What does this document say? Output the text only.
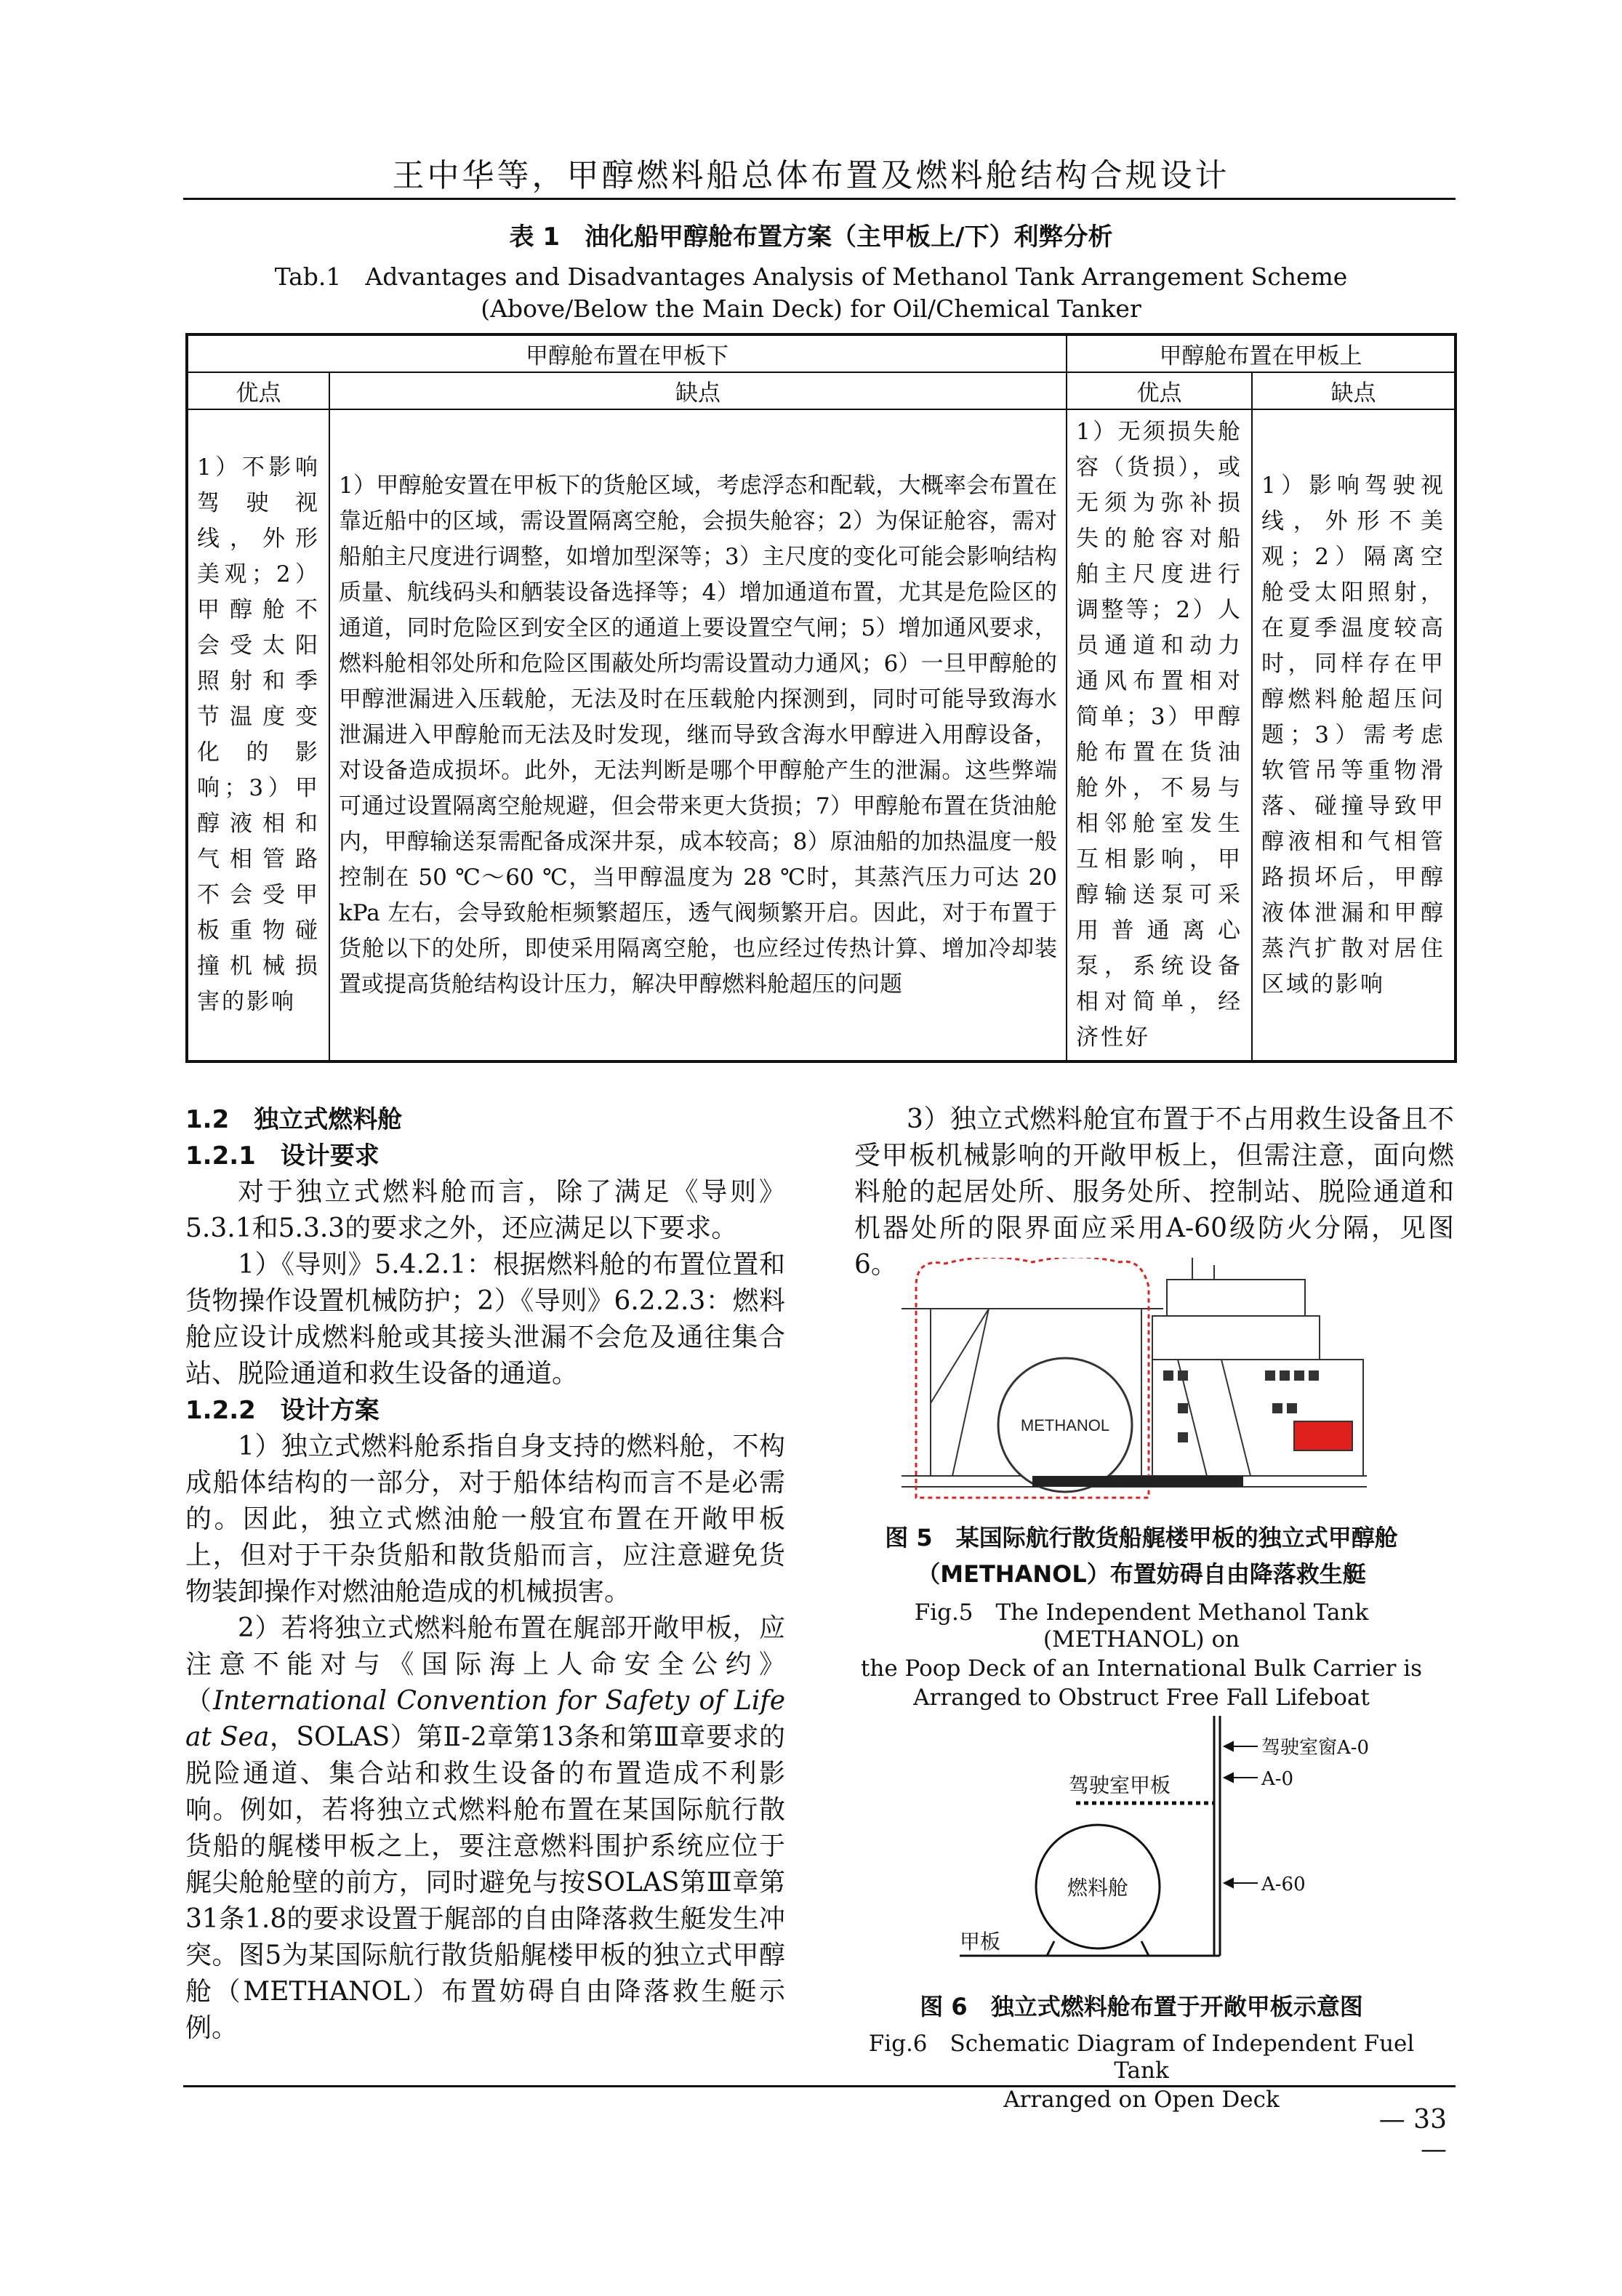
王中华等，甲醇燃料船总体布置及燃料舱结构合规设计
表 1　油化船甲醇舱布置方案（主甲板上/下）利弊分析
Tab.1　Advantages and Disadvantages Analysis of Methanol Tank Arrangement Scheme
(Above/Below the Main Deck) for Oil/Chemical Tanker
甲醇舱布置在甲板下		甲醇舱布置在甲板上	
优点	缺点	优点	缺点
1）不影响驾驶视线，外形美观；2）甲醇舱不会受太阳照射和季节温度变化的影响；3）甲醇液相和气相管路不会受甲板重物碰撞机械损害的影响	1）甲醇舱安置在甲板下的货舱区域，考虑浮态和配载，大概率会布置在靠近船中的区域，需设置隔离空舱，会损失舱容；2）为保证舱容，需对船舶主尺度进行调整，如增加型深等；3）主尺度的变化可能会影响结构质量、航线码头和舾装设备选择等；4）增加通道布置，尤其是危险区的通道，同时危险区到安全区的通道上要设置空气闸；5）增加通风要求，燃料舱相邻处所和危险区围蔽处所均需设置动力通风；6）一旦甲醇舱的甲醇泄漏进入压载舱，无法及时在压载舱内探测到，同时可能导致海水泄漏进入甲醇舱而无法及时发现，继而导致含海水甲醇进入用醇设备，对设备造成损坏。此外，无法判断是哪个甲醇舱产生的泄漏。这些弊端可通过设置隔离空舱规避，但会带来更大货损；7）甲醇舱布置在货油舱内，甲醇输送泵需配备成深井泵，成本较高；8）原油船的加热温度一般控制在 50 ℃～60 ℃，当甲醇温度为 28 ℃时，其蒸汽压力可达 20 kPa 左右，会导致舱柜频繁超压，透气阀频繁开启。因此，对于布置于货舱以下的处所，即使采用隔离空舱，也应经过传热计算、增加冷却装置或提高货舱结构设计压力，解决甲醇燃料舱超压的问题	1）无须损失舱容（货损），或无须为弥补损失的舱容对船舶主尺度进行调整等；2）人员通道和动力通风布置相对简单；3）甲醇舱布置在货油舱外，不易与相邻舱室发生互相影响，甲醇输送泵可采用普通离心泵，系统设备相对简单，经济性好	1）影响驾驶视线，外形不美观；2）隔离空舱受太阳照射，在夏季温度较高时，同样存在甲醇燃料舱超压问题；3）需考虑软管吊等重物滑落、碰撞导致甲醇液相和气相管路损坏后，甲醇液体泄漏和甲醇蒸汽扩散对居住区域的影响

1.2　独立式燃料舱

1.2.1　设计要求

对于独立式燃料舱而言，除了满足《导则》5.3.1和5.3.3的要求之外，还应满足以下要求。

1）《导则》5.4.2.1：根据燃料舱的布置位置和货物操作设置机械防护；2）《导则》6.2.2.3：燃料舱应设计成燃料舱或其接头泄漏不会危及通往集合站、脱险通道和救生设备的通道。

1.2.2　设计方案

1）独立式燃料舱系指自身支持的燃料舱，不构成船体结构的一部分，对于船体结构而言不是必需的。因此，独立式燃油舱一般宜布置在开敞甲板上，但对于干杂货船和散货船而言，应注意避免货物装卸操作对燃油舱造成的机械损害。

2）若将独立式燃料舱布置在艉部开敞甲板，应注意不能对与《国际海上人命安全公约》（International Convention for Safety of Life at Sea，SOLAS）第Ⅱ-2章第13条和第Ⅲ章要求的脱险通道、集合站和救生设备的布置造成不利影响。例如，若将独立式燃料舱布置在某国际航行散货船的艉楼甲板之上，要注意燃料围护系统应位于艉尖舱舱壁的前方，同时避免与按SOLAS第Ⅲ章第31条1.8的要求设置于艉部的自由降落救生艇发生冲突。图5为某国际航行散货船艉楼甲板的独立式甲醇舱（METHANOL）布置妨碍自由降落救生艇示例。

3）独立式燃料舱宜布置于不占用救生设备且不受甲板机械影响的开敞甲板上，但需注意，面向燃料舱的起居处所、服务处所、控制站、脱险通道和机器处所的限界面应采用A-60级防火分隔，见图6。

METHANOL
图 5　某国际航行散货船艉楼甲板的独立式甲醇舱
（METHANOL）布置妨碍自由降落救生艇
Fig.5　The Independent Methanol Tank (METHANOL) on
the Poop Deck of an International Bulk Carrier is
Arranged to Obstruct Free Fall Lifeboat
驾驶室窗A-0
A-0
A-60
驾驶室甲板
燃料舱
甲板
图 6　独立式燃料舱布置于开敞甲板示意图
Fig.6　Schematic Diagram of Independent Fuel Tank
Arranged on Open Deck
— 33 —
